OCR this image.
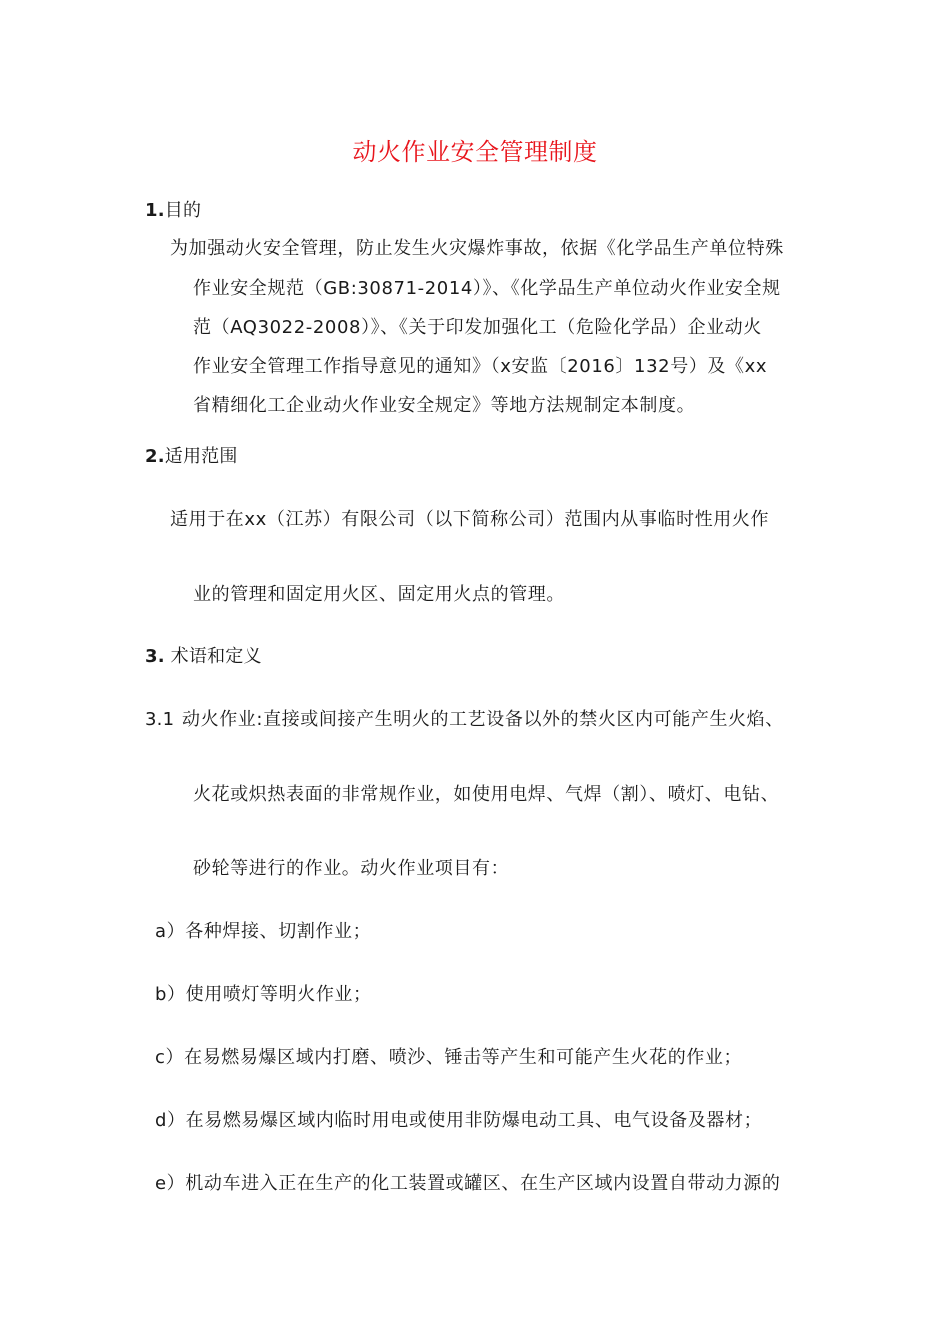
动火作业安全管理制度
1.目的
为加强动火安全管理，防止发生火灾爆炸事故，依据《化学品生产单位特殊
作业安全规范（GB:30871-2014）》、《化学品生产单位动火作业安全规
范（AQ3022-2008）》、《关于印发加强化工（危险化学品）企业动火
作业安全管理工作指导意见的通知》（x安监〔2016〕132号）及《xx
省精细化工企业动火作业安全规定》等地方法规制定本制度。
2.适用范围
适用于在xx（江苏）有限公司（以下简称公司）范围内从事临时性用火作
业的管理和固定用火区、固定用火点的管理。
3. 术语和定义
3.1 动火作业:直接或间接产生明火的工艺设备以外的禁火区内可能产生火焰、
火花或炽热表面的非常规作业，如使用电焊、气焊（割）、喷灯、电钻、
砂轮等进行的作业。动火作业项目有：
a）各种焊接、切割作业；
b）使用喷灯等明火作业；
c）在易燃易爆区域内打磨、喷沙、锤击等产生和可能产生火花的作业；
d）在易燃易爆区域内临时用电或使用非防爆电动工具、电气设备及器材；
e）机动车进入正在生产的化工装置或罐区、在生产区域内设置自带动力源的
